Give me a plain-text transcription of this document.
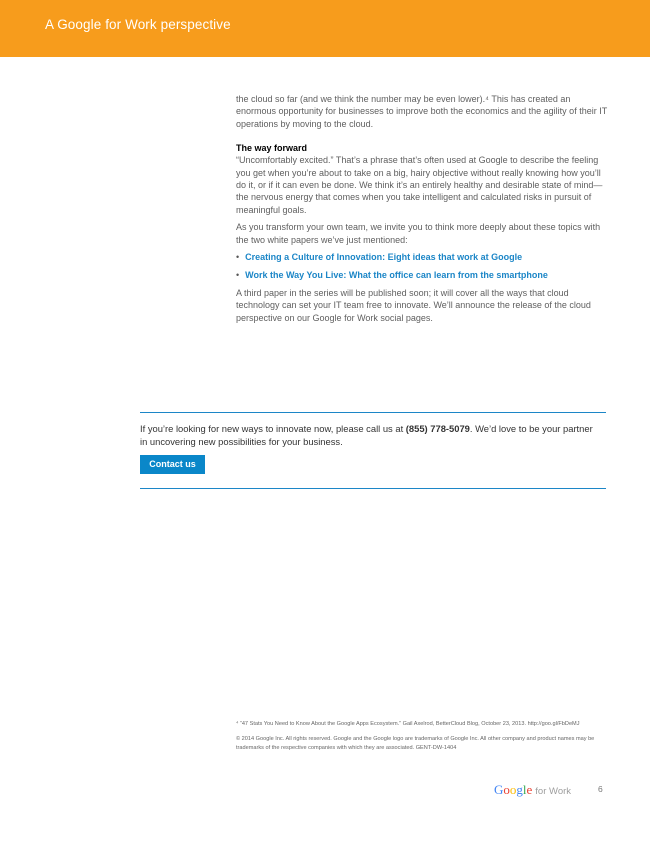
A Google for Work perspective

the cloud so far (and we think the number may be even lower).⁴ This has created an enormous opportunity for businesses to improve both the economics and the agility of their IT operations by moving to the cloud.

The way forward

“Uncomfortably excited.” That’s a phrase that’s often used at Google to describe the feeling you get when you’re about to take on a big, hairy objective without really knowing how you’ll do it, or if it can even be done. We think it’s an entirely healthy and desirable state of mind—the nervous energy that comes when you take intelligent and calculated risks in pursuit of meaningful goals.

As you transform your own team, we invite you to think more deeply about these topics with the two white papers we’ve just mentioned:

• Creating a Culture of Innovation: Eight ideas that work at Google
• Work the Way You Live: What the office can learn from the smartphone

A third paper in the series will be published soon; it will cover all the ways that cloud technology can set your IT team free to innovate. We’ll announce the release of the cloud perspective on our Google for Work social pages.

If you’re looking for new ways to innovate now, please call us at (855) 778-5079. We’d love to be your partner in uncovering new possibilities for your business.
Contact us
⁴ “47 Stats You Need to Know About the Google Apps Ecosystem.” Gail Axelrod, BetterCloud Blog, October 23, 2013. http://goo.gl/FbDeMJ
© 2014 Google Inc. All rights reserved. Google and the Google logo are trademarks of Google Inc. All other company and product names may be trademarks of the respective companies with which they are associated. GENT-DW-1404
Google for Work	6
